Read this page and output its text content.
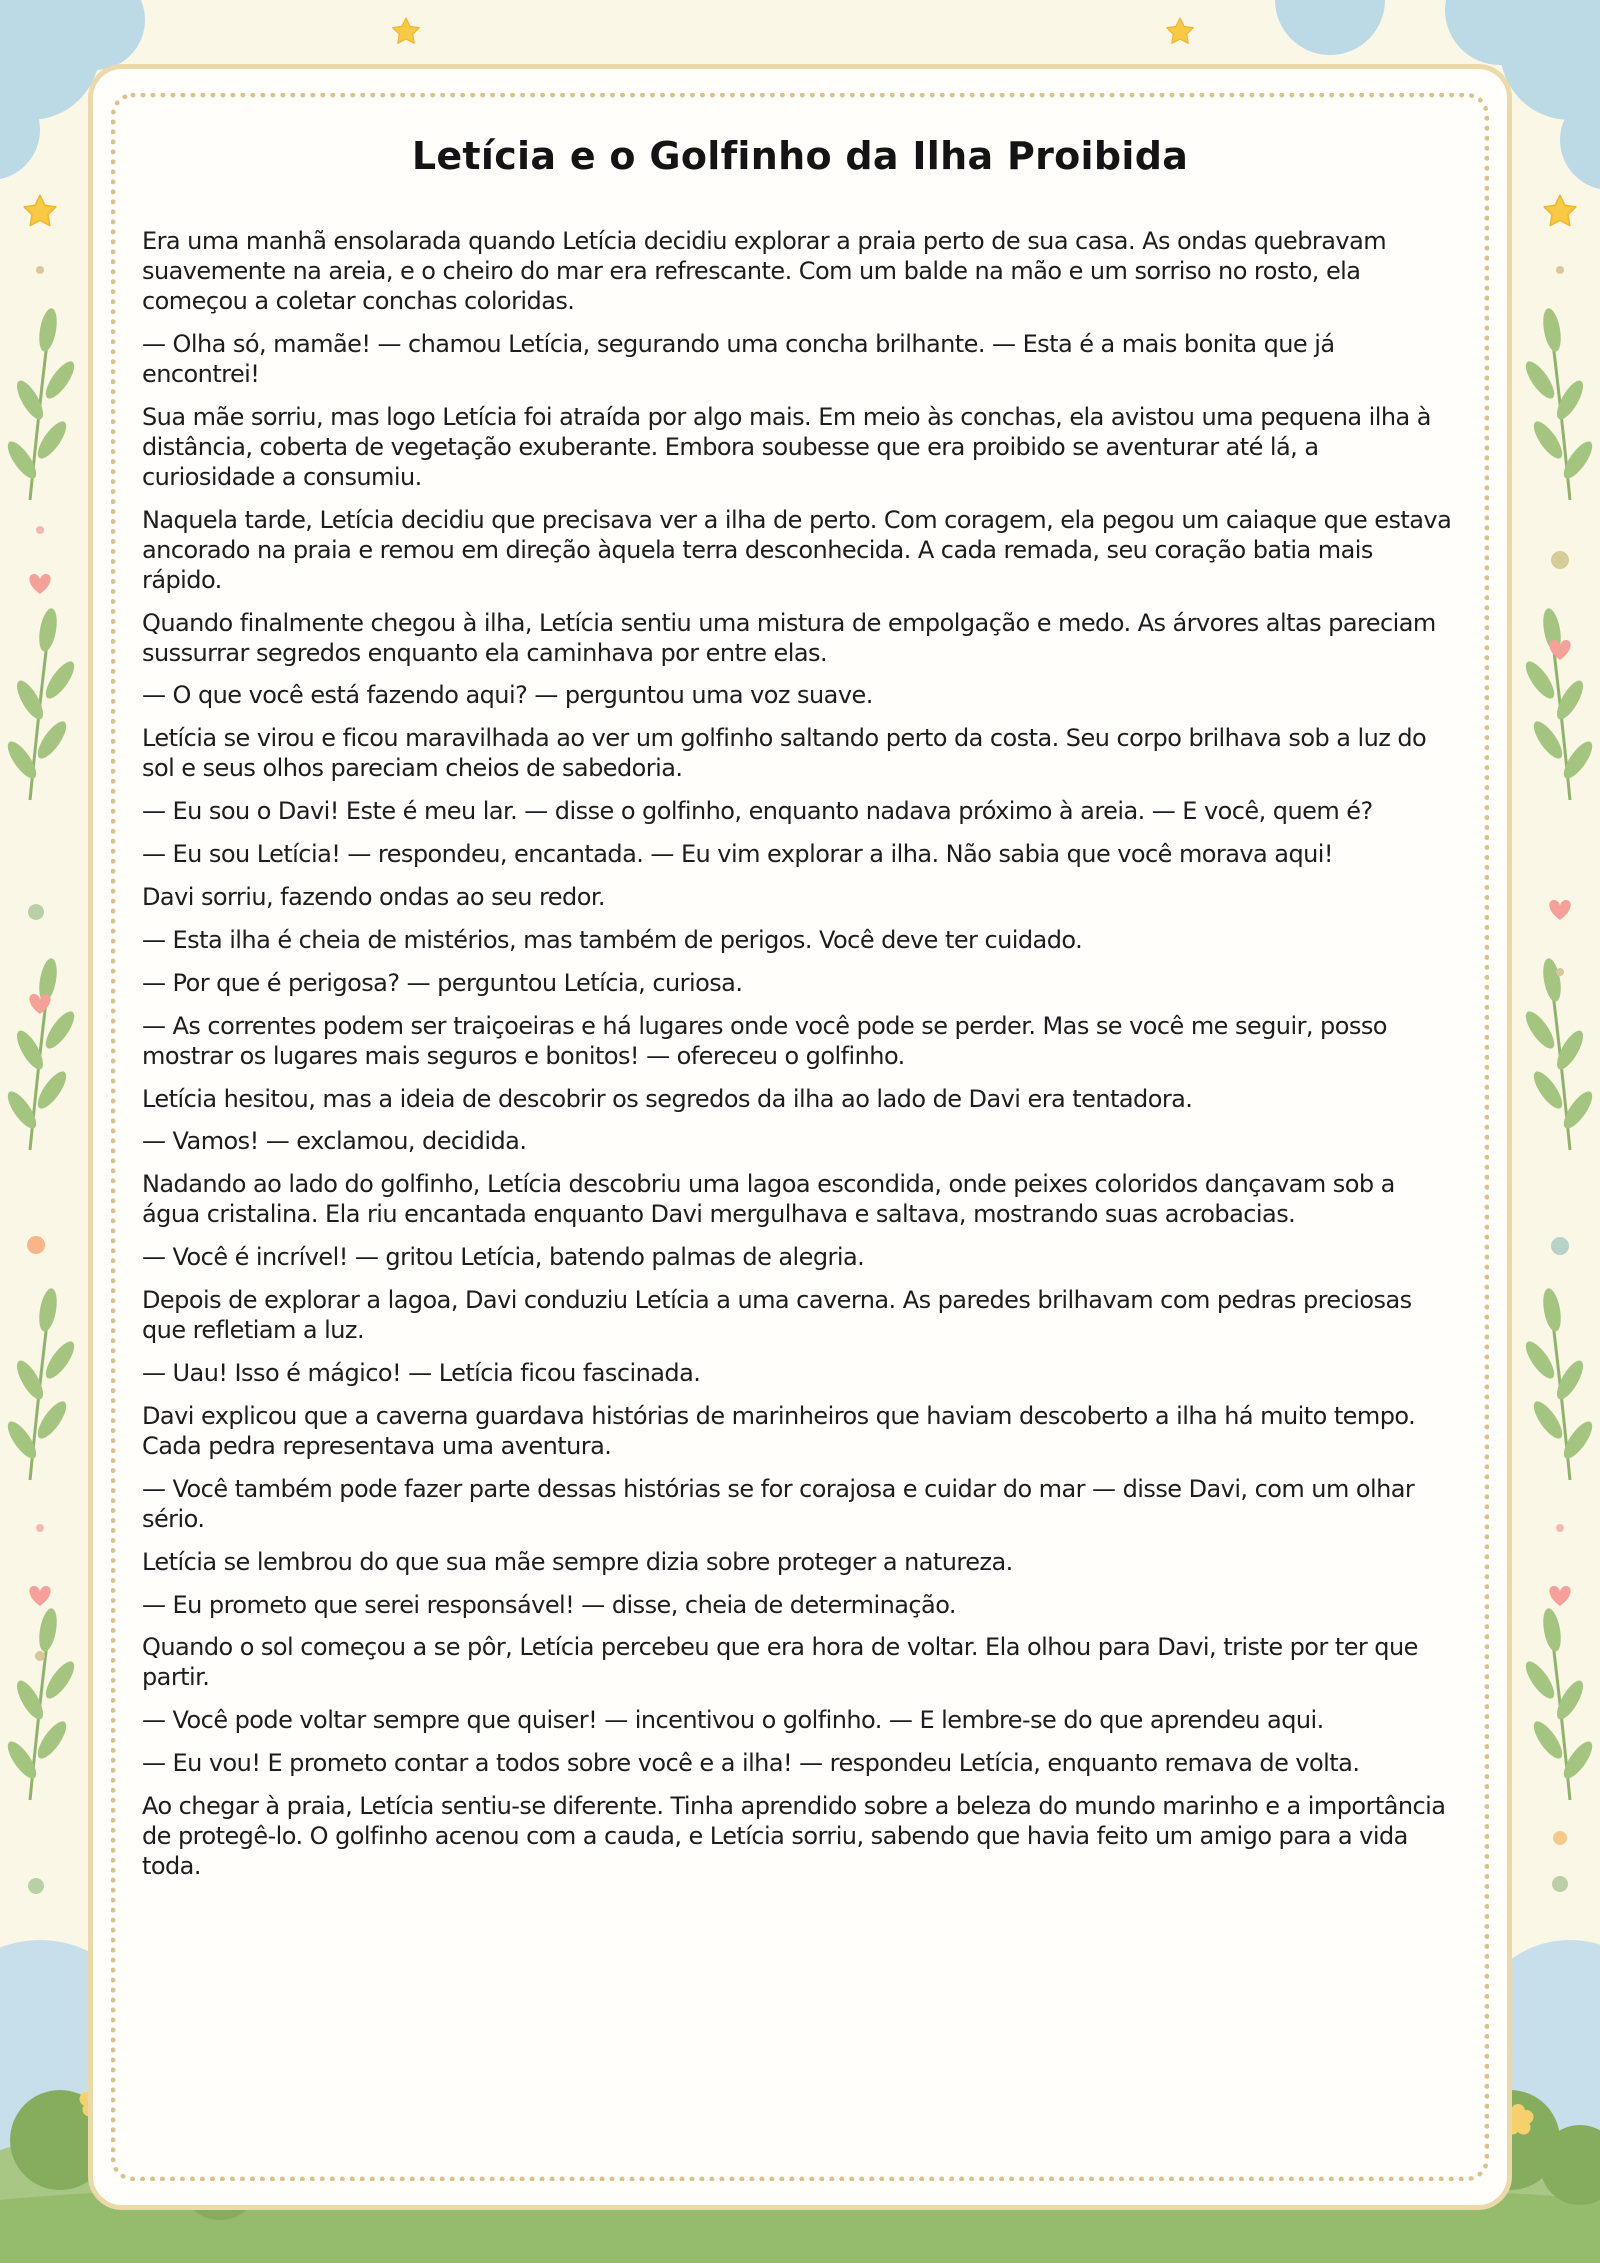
Letícia e o Golfinho da Ilha Proibida

Era uma manhã ensolarada quando Letícia decidiu explorar a praia perto de sua casa. As ondas quebravam suavemente na areia, e o cheiro do mar era refrescante. Com um balde na mão e um sorriso no rosto, ela começou a coletar conchas coloridas.

— Olha só, mamãe! — chamou Letícia, segurando uma concha brilhante. — Esta é a mais bonita que já encontrei!

Sua mãe sorriu, mas logo Letícia foi atraída por algo mais. Em meio às conchas, ela avistou uma pequena ilha à distância, coberta de vegetação exuberante. Embora soubesse que era proibido se aventurar até lá, a curiosidade a consumiu.

Naquela tarde, Letícia decidiu que precisava ver a ilha de perto. Com coragem, ela pegou um caiaque que estava ancorado na praia e remou em direção àquela terra desconhecida. A cada remada, seu coração batia mais rápido.

Quando finalmente chegou à ilha, Letícia sentiu uma mistura de empolgação e medo. As árvores altas pareciam sussurrar segredos enquanto ela caminhava por entre elas.

— O que você está fazendo aqui? — perguntou uma voz suave.

Letícia se virou e ficou maravilhada ao ver um golfinho saltando perto da costa. Seu corpo brilhava sob a luz do sol e seus olhos pareciam cheios de sabedoria.

— Eu sou o Davi! Este é meu lar. — disse o golfinho, enquanto nadava próximo à areia. — E você, quem é?

— Eu sou Letícia! — respondeu, encantada. — Eu vim explorar a ilha. Não sabia que você morava aqui!

Davi sorriu, fazendo ondas ao seu redor.

— Esta ilha é cheia de mistérios, mas também de perigos. Você deve ter cuidado.

— Por que é perigosa? — perguntou Letícia, curiosa.

— As correntes podem ser traiçoeiras e há lugares onde você pode se perder. Mas se você me seguir, posso mostrar os lugares mais seguros e bonitos! — ofereceu o golfinho.

Letícia hesitou, mas a ideia de descobrir os segredos da ilha ao lado de Davi era tentadora.

— Vamos! — exclamou, decidida.

Nadando ao lado do golfinho, Letícia descobriu uma lagoa escondida, onde peixes coloridos dançavam sob a água cristalina. Ela riu encantada enquanto Davi mergulhava e saltava, mostrando suas acrobacias.

— Você é incrível! — gritou Letícia, batendo palmas de alegria.

Depois de explorar a lagoa, Davi conduziu Letícia a uma caverna. As paredes brilhavam com pedras preciosas que refletiam a luz.

— Uau! Isso é mágico! — Letícia ficou fascinada.

Davi explicou que a caverna guardava histórias de marinheiros que haviam descoberto a ilha há muito tempo. Cada pedra representava uma aventura.

— Você também pode fazer parte dessas histórias se for corajosa e cuidar do mar — disse Davi, com um olhar sério.

Letícia se lembrou do que sua mãe sempre dizia sobre proteger a natureza.

— Eu prometo que serei responsável! — disse, cheia de determinação.

Quando o sol começou a se pôr, Letícia percebeu que era hora de voltar. Ela olhou para Davi, triste por ter que partir.

— Você pode voltar sempre que quiser! — incentivou o golfinho. — E lembre-se do que aprendeu aqui.

— Eu vou! E prometo contar a todos sobre você e a ilha! — respondeu Letícia, enquanto remava de volta.

Ao chegar à praia, Letícia sentiu-se diferente. Tinha aprendido sobre a beleza do mundo marinho e a importância de protegê-lo. O golfinho acenou com a cauda, e Letícia sorriu, sabendo que havia feito um amigo para a vida toda.
